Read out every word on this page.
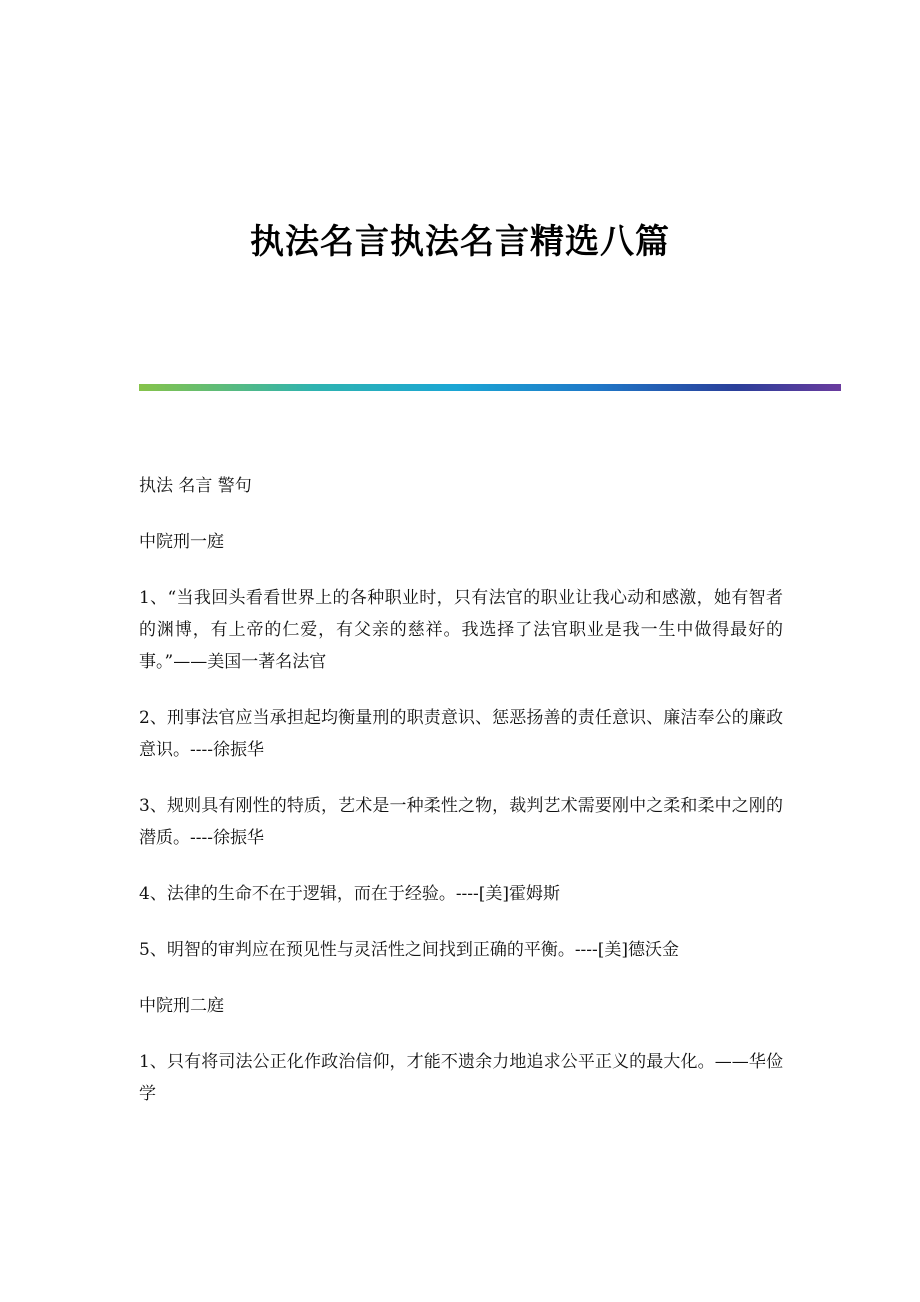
执法名言执法名言精选八篇

执法 名言 警句

中院刑一庭

1、“当我回头看看世界上的各种职业时，只有法官的职业让我心动和感激，她有智者的渊博，有上帝的仁爱，有父亲的慈祥。我选择了法官职业是我一生中做得最好的事。”——美国一著名法官

2、刑事法官应当承担起均衡量刑的职责意识、惩恶扬善的责任意识、廉洁奉公的廉政意识。----徐振华

3、规则具有刚性的特质，艺术是一种柔性之物，裁判艺术需要刚中之柔和柔中之刚的潜质。----徐振华

4、法律的生命不在于逻辑，而在于经验。----[美]霍姆斯

5、明智的审判应在预见性与灵活性之间找到正确的平衡。----[美]德沃金

中院刑二庭

1、只有将司法公正化作政治信仰，才能不遗余力地追求公平正义的最大化。——华俭学
